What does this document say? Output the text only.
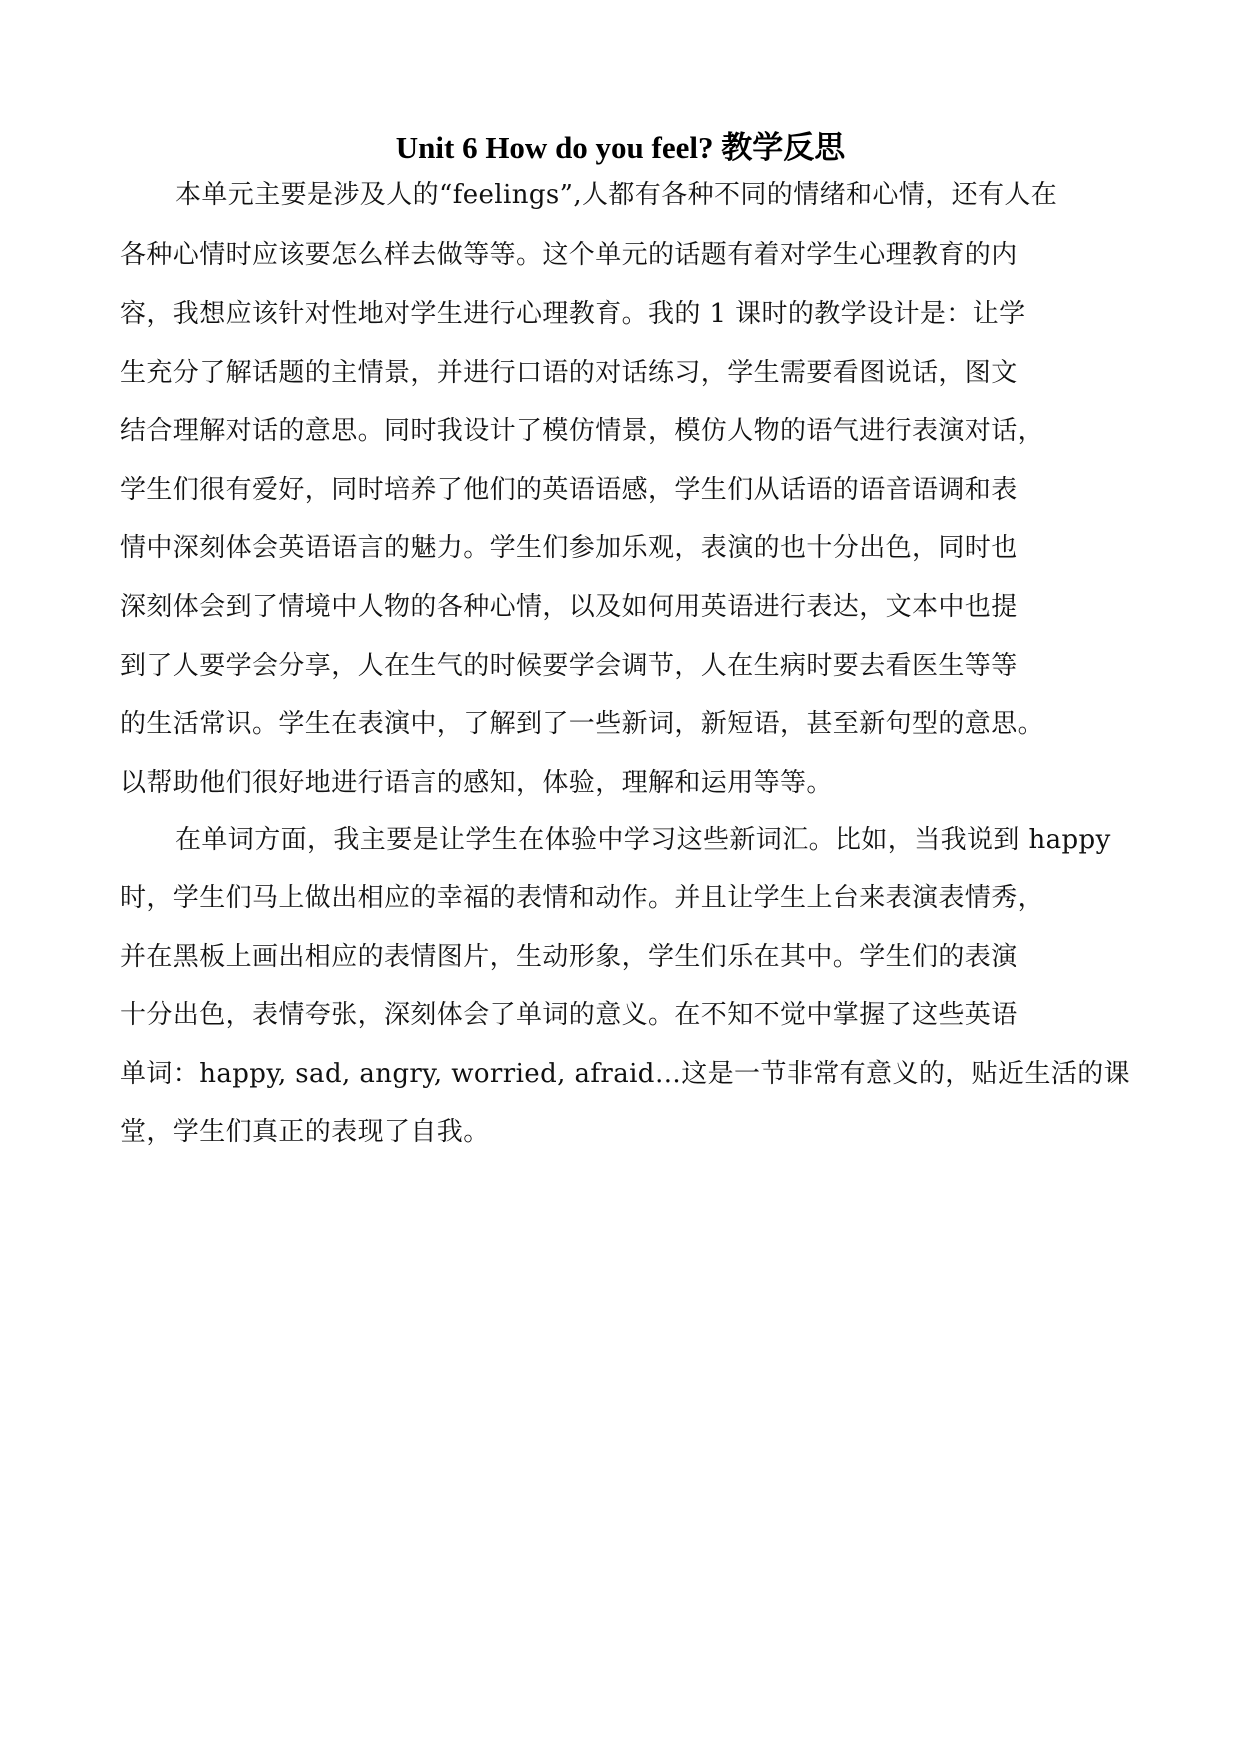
Unit 6 How do you feel? 教学反思

本单元主要是涉及人的“feelings”,人都有各种不同的情绪和心情，还有人在

各种心情时应该要怎么样去做等等。这个单元的话题有着对学生心理教育的内

容，我想应该针对性地对学生进行心理教育。我的 1 课时的教学设计是：让学

生充分了解话题的主情景，并进行口语的对话练习，学生需要看图说话，图文

结合理解对话的意思。同时我设计了模仿情景，模仿人物的语气进行表演对话，

学生们很有爱好，同时培养了他们的英语语感，学生们从话语的语音语调和表

情中深刻体会英语语言的魅力。学生们参加乐观，表演的也十分出色，同时也

深刻体会到了情境中人物的各种心情，以及如何用英语进行表达，文本中也提

到了人要学会分享，人在生气的时候要学会调节，人在生病时要去看医生等等

的生活常识。学生在表演中，了解到了一些新词，新短语，甚至新句型的意思。

以帮助他们很好地进行语言的感知，体验，理解和运用等等。

在单词方面，我主要是让学生在体验中学习这些新词汇。比如，当我说到 happy

时，学生们马上做出相应的幸福的表情和动作。并且让学生上台来表演表情秀，

并在黑板上画出相应的表情图片，生动形象，学生们乐在其中。学生们的表演

十分出色，表情夸张，深刻体会了单词的意义。在不知不觉中掌握了这些英语

单词：happy, sad, angry, worried, afraid…这是一节非常有意义的，贴近生活的课

堂，学生们真正的表现了自我。
